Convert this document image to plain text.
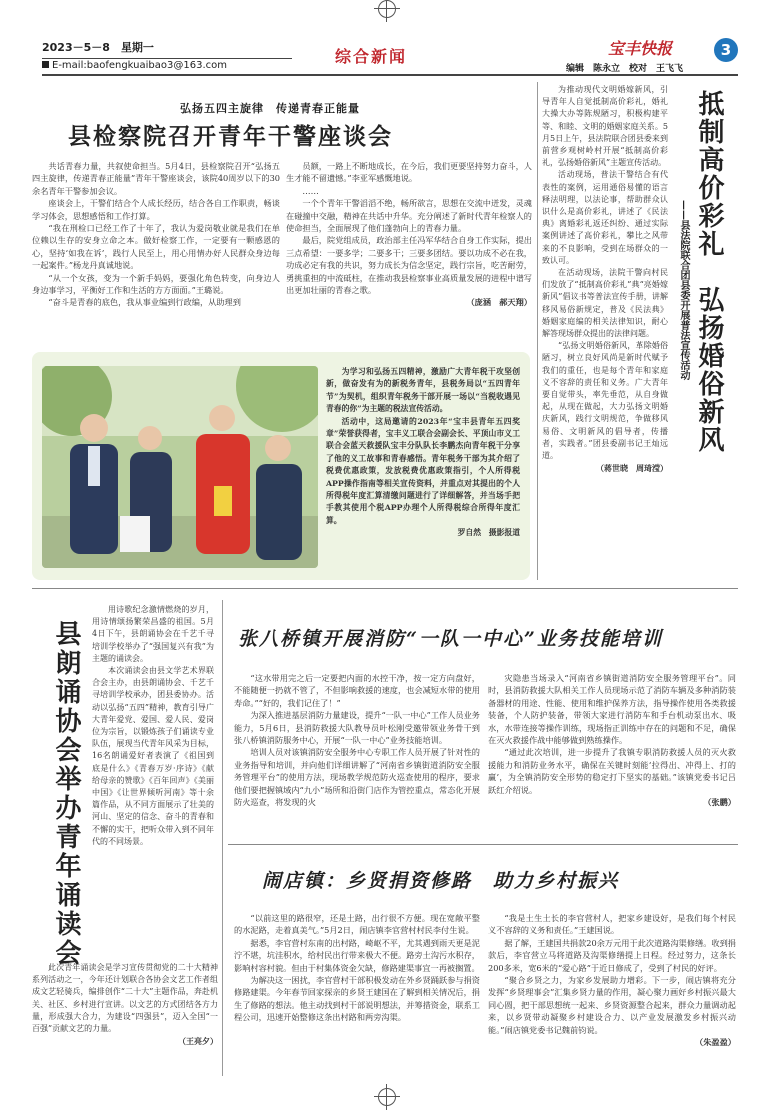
2023－5－8　 星期一
E-mail:baofengkuaibao3@163.com	综合新闻	宝丰快报	3
编辑　陈永立　校对　王飞飞
弘扬五四主旋律　传递青春正能量
县检察院召开青年干警座谈会

共话青春力量，共叙使命担当。5月4日，县检察院召开“弘扬五四主旋律，传递青春正能量”青年干警座谈会，该院40周岁以下的30余名青年干警参加会议。

座谈会上，干警们结合个人成长经历，结合各自工作职责，畅谈学习体会，思想感悟和工作打算。

“我在刑检口已经工作了十年了，我认为爱岗敬业就是我们在单位赖以生存的安身立命之本。做好检察工作，一定要有一颗感恩的心，坚持‘如我在诉’，践行人民至上，用心用情办好人民群众身边每一起案件。”杨龙丹真诚地说。

“从一个女孩，变为一个新手妈妈，要强化角色转变，向身边人身边事学习，平衡好工作和生活的方方面面。”王璐说。

“奋斗是青春的底色，我从事业编到行政编，从助理到

员额，一路上不断地成长，在今后，我们更要坚持努力奋斗，人生才能不留遗憾。”李亚军感慨地说。

……

一个个青年干警滔滔不绝，畅所欲言，思想在交流中迸发，灵魂在碰撞中交融，精神在共话中升华。充分阐述了新时代青年检察人的使命担当，全面展现了他们蓬勃向上的青春力量。

最后，院党组成员，政治部主任冯军华结合自身工作实际，提出三点希望：一要多学；二要多干；三要多团结。要以功成不必在我，功成必定有我的共识，努力成长为信念坚定，践行宗旨，吃苦耐劳，勇挑重担的中流砥柱，在推动我县检察事业高质量发展的进程中谱写出更加壮丽的青春之歌。

（庞涵　郝天翔）

为学习和弘扬五四精神，激励广大青年税干攻坚创新，做奋发有为的新税务青年，县税务局以“五四青年节”为契机，组织青年税务干部开展一场以“当税收遇见青春的你”为主题的税法宣传活动。

活动中，这局邀请的2023年“宝丰县青年五四奖章”荣誉获得者，宝丰义工联合会副会长、平顶山市义工联合会蓝天救援队宝丰分队队长李鹏杰向青年税干分享了他的义工故事和青春感悟。青年税务干部为其介绍了税费优惠政策，发放税费优惠政策指引，个人所得税APP操作指南等相关宣传资料，并重点对其提出的个人所得税年度汇算清缴问题进行了详细解答，并当场手把手教其使用个税APP办理个人所得税综合所得年度汇算。

罗自然　摄影报道

为推动现代文明婚嫁新风，引导青年人自觉抵制高价彩礼，婚礼大操大办等陈规陋习，积极构建平等、和睦、文明的婚姻家庭关系。5月5日上午，县法院联合团县委来到前营乡观树岭村开展“抵制高价彩礼，弘扬婚俗新风”主题宣传活动。

活动现场，普法干警结合有代表性的案例，运用通俗易懂的语言释法明理，以法论事，帮助群众认识什么是高价彩礼，讲述了《民法典》离婚彩礼返还纠纷、通过实际案例讲述了高价彩礼，攀比之风带来的不良影响，受到在场群众的一致认可。

在活动现场，法院干警向村民们发放了“抵制高价彩礼”典“亮婚嫁新风”倡议书等普法宣传手册，讲解移风易俗新规定，普及《民法典》婚姻家庭编的相关法律知识，耐心解答现场群众提出的法律问题。

“弘扬文明婚俗新风，革除婚俗陋习，树立良好风尚是新时代赋予我们的重任，也是每个青年和家庭义不容辞的责任和义务。广大青年要自觉带头，率先垂范，从自身做起，从现在做起，大力弘扬文明婚庆新风，践行文明规范，争做移风易俗、文明新风的倡导者，传播者，实践者。”团县委副书记王灿远道。

（蒋世晓　周琦滢）
抵制高价彩礼　弘扬婚俗新风
——县法院联合团县委开展普法宣传活动
县朗诵协会举办青年诵读会

用诗歌纪念激情燃烧的岁月，用诗情颂扬繁荣昌盛的祖国。5月4日下午，县朗诵协会在千艺千寻培训学校举办了“强国复兴有我”为主题的诵读会。

本次诵读会由县文学艺术界联合会主办，由县朗诵协会、千艺千寻培训学校承办，团县委协办。活动以弘扬“五四”精神，教育引导广大青年爱党、爱国、爱人民、爱岗位为宗旨，以锻炼孩子们诵读专业队伍，展现当代青年风采为目标，16名朗诵爱好者表演了《祖国到底是什么》《青春万岁·序诗》《献给母亲的赞歌》《百年回声》《美丽中国》《让世界倾听河南》等十余篇作品，从不同方面展示了壮美的河山、坚定的信念、奋斗的青春和不懈的实干，把听众带入到不同年代的不同场景。

此次青年诵读会是学习宣传贯彻党的二十大精神系列活动之一，今年还计划联合各协会文艺工作者组成文艺轻骑兵，编排创作“二十大”主题作品，奔赴机关、社区、乡村进行宣讲。以文艺的方式团结各方力量，形成强大合力，为建设“四强县”，迈入全国“一百强”贡献文艺的力量。

（王亮夕）
张八桥镇开展消防“一队一中心”业务技能培训

“这水带用完之后一定要把内面的水控干净，按一定方向盘好，不能随便一扔就不管了，不但影响救援的速度，也会减短水带的使用寿命。”“好的，我们记住了！”

为深入推进基层消防力量建设，提升“一队一中心”工作人员业务能力，5月6日，县消防救援大队教导员叶松刚受邀带领业务骨干到张八桥镇消防服务中心，开展“一队一中心”业务技能培训。

培训人员对该镇消防安全服务中心专职工作人员开展了针对性的业务指导和培训，并向他们详细讲解了“河南省乡镇街道消防安全服务管理平台”的使用方法，现场教学规范防火巡查使用的程序，要求他们要把握镇域内“九小”场所和沿街门店作为管控重点，常态化开展防火巡查，将发现的火

灾隐患当场录入“河南省乡镇街道消防安全服务管理平台”。同时，县消防救援大队相关工作人员现场示范了消防车辆及多种消防装备器材的用途、性能、使用和维护保养方法，指导操作使用各类救援装备，个人防护装备，带领大家进行消防车和手台机动泵出水、吸水，水带连接等操作训练，现场指正训练中存在的问题和不足，确保在灭火救援作战中能够做到熟练操作。

“通过此次培训，进一步提升了我镇专职消防救援人员的灭火救援能力和消防业务水平，确保在关键时刻能‘拉得出、冲得上、打的赢’，为全镇消防安全形势的稳定打下坚实的基础。”该镇党委书记吕跃红介绍说。

（张鹏）
闹店镇：乡贤捐资修路　助力乡村振兴

“以前这里的路很窄，还是土路，出行很不方便。现在宽敞平整的水泥路，走着真美气。”5月2日，闹店镇李官营村村民李付生说。

据悉，李官营村东南的出村路，崎岖不平，尤其遇到雨天更是泥泞不堪，坑洼积水，给村民出行带来极大不便。路旁土沟污水积存，影响村容村貌。但由于村集体资金欠缺，修路建渠事宜一再被搁置。

为解决这一困扰，李官营村干部积极发动在外乡贤踊跃参与捐资修路建渠。今年春节回家探亲的乡贤王建国在了解到相关情况后，捐生了修路的想法。他主动找到村干部说明想法，并筹措资金，联系工程公司，迅速开始整修这条出村路和两旁沟渠。

“我是土生土长的李官营村人，把家乡建设好，是我们每个村民义不容辞的义务和责任。”王建国说。

据了解，王建国共捐款20余万元用于此次道路沟渠修缮。收到捐款后，李官营立马将道路及沟渠修缮提上日程。经过努力，这条长200多米，宽6米的“爱心路”于近日修成了，受到了村民的好评。

“聚合乡贤之力，为家乡发展助力增彩。下一步，闹店镇将充分发挥“乡贤理事会”汇集乡贤力量的作用，凝心聚力画好乡村振兴最大同心圆，把干部思想统一起来、乡贤资源整合起来，群众力量调动起来，以乡贤带动凝聚乡村建设合力、以产业发展激发乡村振兴动能。”闹店镇党委书记魏前钧说。

（朱盈盈）
